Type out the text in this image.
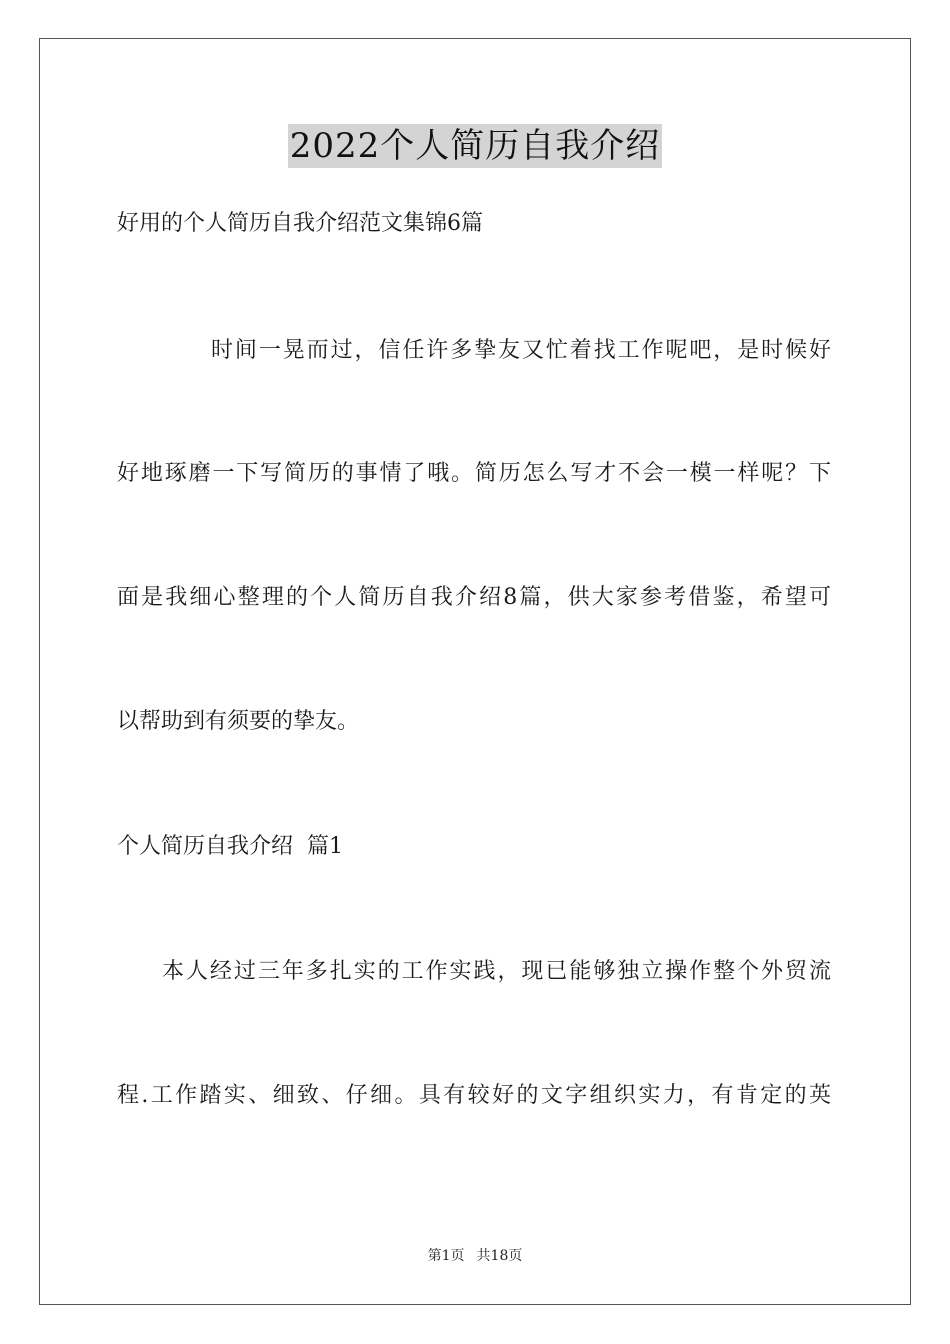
2022个人简历自我介绍
好用的个人简历自我介绍范文集锦6篇
时间一晃而过，信任许多挚友又忙着找工作呢吧，是时候好
好地琢磨一下写简历的事情了哦。简历怎么写才不会一模一样呢？下
面是我细心整理的个人简历自我介绍8篇，供大家参考借鉴，希望可
以帮助到有须要的挚友。
个人简历自我介绍  篇1
本人经过三年多扎实的工作实践，现已能够独立操作整个外贸流
程.工作踏实、细致、仔细。具有较好的文字组织实力，有肯定的英
第1页 共18页
